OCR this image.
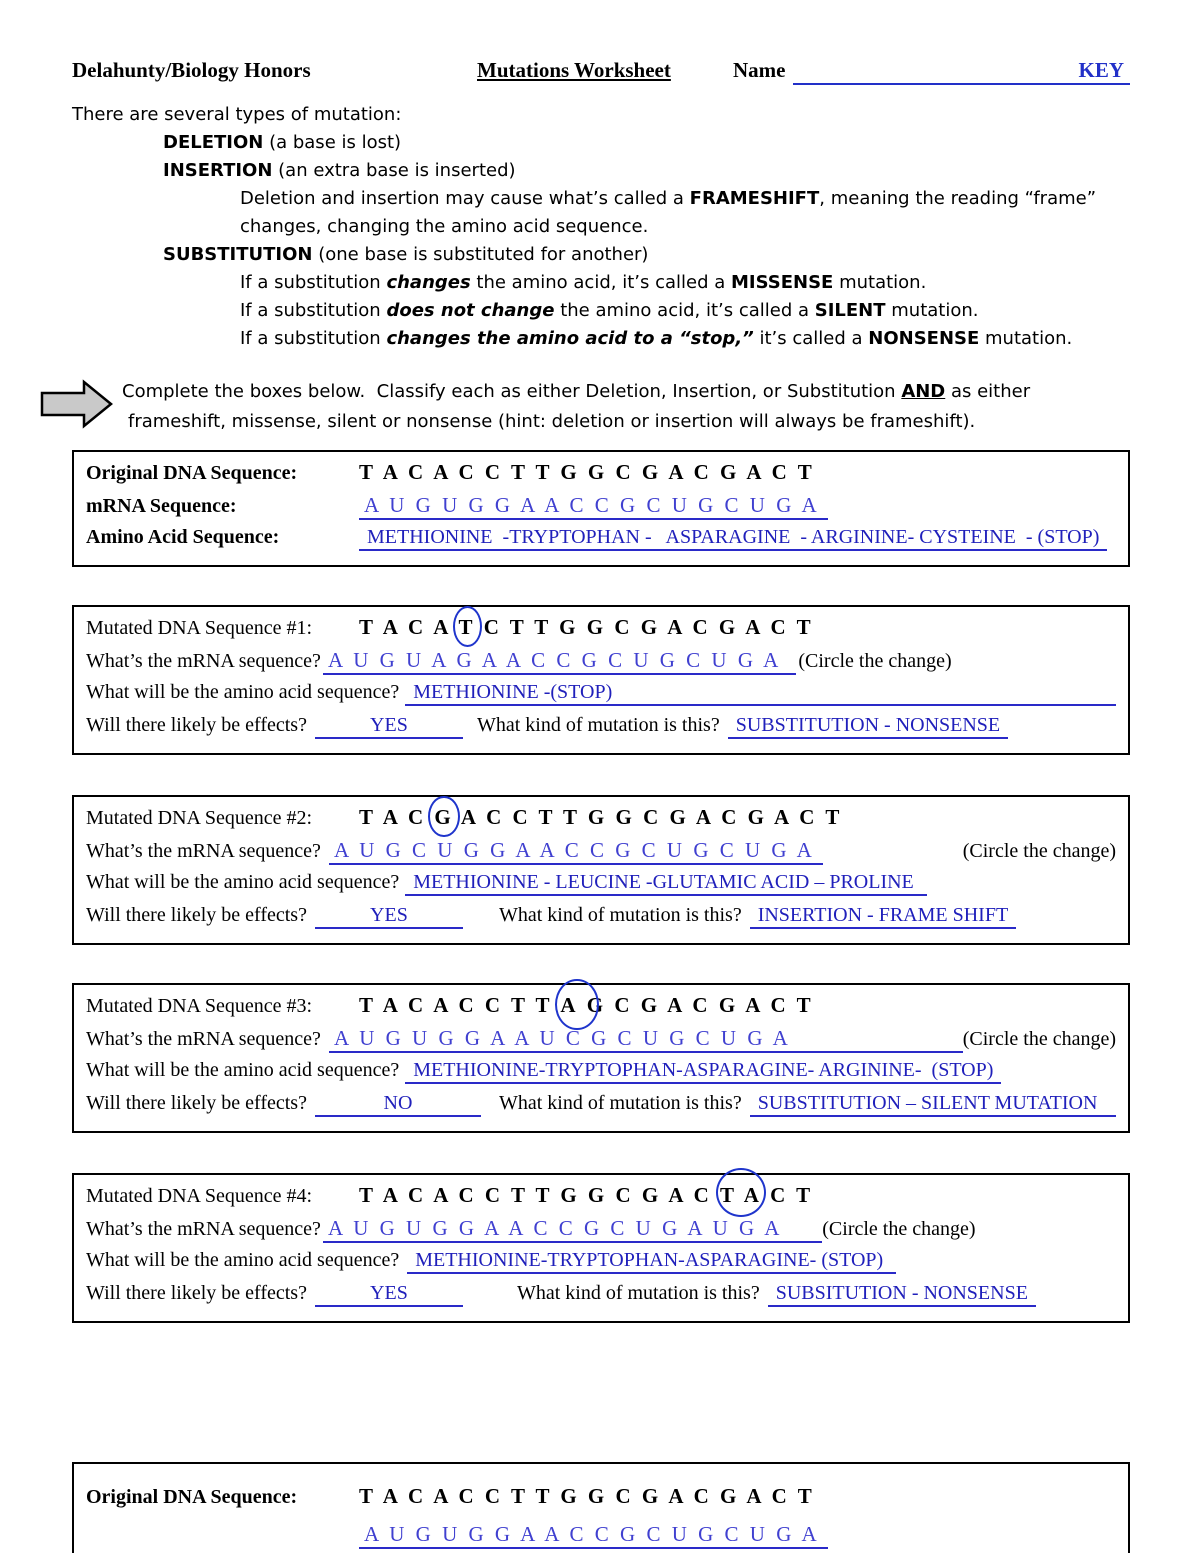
Delahunty/Biology Honors	Mutations Worksheet	Name	KEY
There are several types of mutation:
DELETION (a base is lost)
INSERTION (an extra base is inserted)
Deletion and insertion may cause what’s called a FRAMESHIFT, meaning the reading “frame”
changes, changing the amino acid sequence.
SUBSTITUTION (one base is substituted for another)
If a substitution changes the amino acid, it’s called a MISSENSE mutation.
If a substitution does not change the amino acid, it’s called a SILENT mutation.
If a substitution changes the amino acid to a “stop,” it’s called a NONSENSE mutation.
Complete the boxes below.  Classify each as either Deletion, Insertion, or Substitution AND as either
frameshift, missense, silent or nonsense (hint: deletion or insertion will always be frameshift).
Original DNA Sequence:	T A C A C C T T G G C G A C G A C T
mRNA Sequence:	A U G U G G A A C C G C U G C U G A
Amino Acid Sequence:	METHIONINE  -TRYPTOPHAN -   ASPARAGINE  - ARGININE- CYSTEINE  - (STOP)
Mutated DNA Sequence #1:	T A C A T C T T G G C G A C G A C T
What’s the mRNA sequence? A U G U A G A A C C G C U G C U G A (Circle the change)
What will be the amino acid sequence? METHIONINE -(STOP)
Will there likely be effects?	YES	What kind of mutation is this? SUBSTITUTION - NONSENSE
Mutated DNA Sequence #2:	T A C G A C C T T G G C G A C G A C T
What’s the mRNA sequence? A U G C U G G A A C C G C U G C U G A	(Circle the change)
What will be the amino acid sequence? METHIONINE - LEUCINE -GLUTAMIC ACID – PROLINE
Will there likely be effects?	YES	What kind of mutation is this? INSERTION - FRAME SHIFT
Mutated DNA Sequence #3:	T A C A C C T T A G C G A C G A C T
What’s the mRNA sequence? A U G U G G A A U C G C U G C U G A	(Circle the change)
What will be the amino acid sequence? METHIONINE-TRYPTOPHAN-ASPARAGINE- ARGININE-  (STOP)
Will there likely be effects?	NO	What kind of mutation is this? SUBSTITUTION – SILENT MUTATION
Mutated DNA Sequence #4:	T A C A C C T T G G C G A C T A C T
What’s the mRNA sequence? A U G U G G A A C C G C U G A U G A (Circle the change)
What will be the amino acid sequence? METHIONINE-TRYPTOPHAN-ASPARAGINE- (STOP)
Will there likely be effects?	YES	What kind of mutation is this? SUBSITUTION - NONSENSE
Original DNA Sequence:	T A C A C C T T G G C G A C G A C T
A U G U G G A A C C G C U G C U G A
